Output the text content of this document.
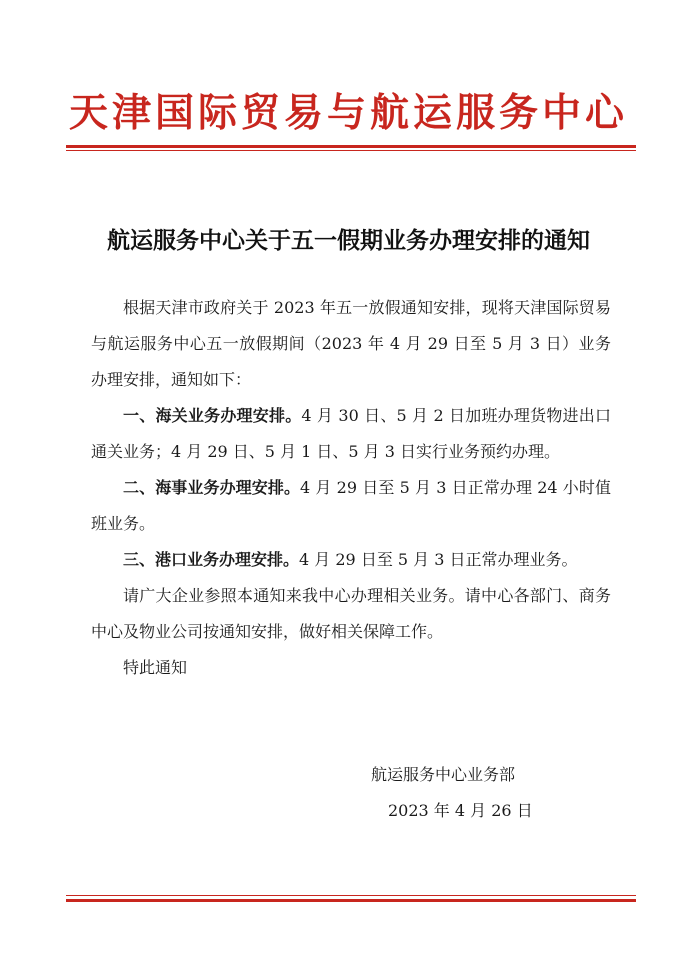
天津国际贸易与航运服务中心
航运服务中心关于五一假期业务办理安排的通知

根据天津市政府关于 2023 年五一放假通知安排，现将天津国际贸易与航运服务中心五一放假期间（2023 年 4 月 29 日至 5 月 3 日）业务办理安排，通知如下：

一、海关业务办理安排。4 月 30 日、5 月 2 日加班办理货物进出口通关业务；4 月 29 日、5 月 1 日、5 月 3 日实行业务预约办理。

二、海事业务办理安排。4 月 29 日至 5 月 3 日正常办理 24 小时值班业务。

三、港口业务办理安排。4 月 29 日至 5 月 3 日正常办理业务。

请广大企业参照本通知来我中心办理相关业务。请中心各部门、商务中心及物业公司按通知安排，做好相关保障工作。

特此通知

航运服务中心业务部
2023 年 4 月 26 日
